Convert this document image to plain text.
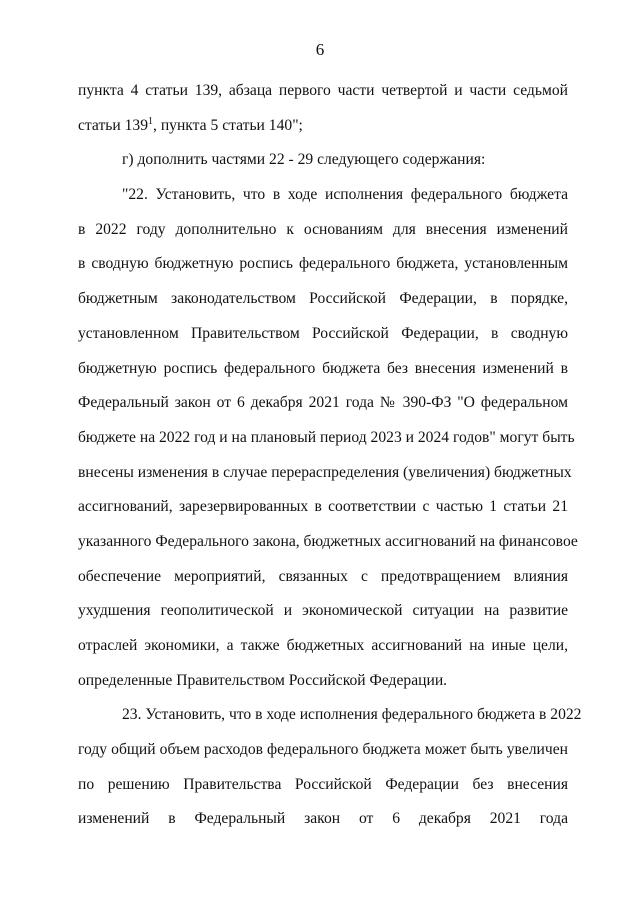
6
пункта 4 статьи 139, абзаца первого части четвертой и части седьмой
статьи $139^1$, пункта 5 статьи 140";
г) дополнить частями 22 - 29 следующего содержания:
"22. Установить, что в ходе исполнения федерального бюджета
в 2022 году дополнительно к основаниям для внесения изменений
в сводную бюджетную роспись федерального бюджета, установленным
бюджетным законодательством Российской Федерации, в порядке,
установленном Правительством Российской Федерации, в сводную
бюджетную роспись федерального бюджета без внесения изменений в
Федеральный закон от 6 декабря 2021 года № 390-ФЗ "О федеральном
бюджете на 2022 год и на плановый период 2023 и 2024 годов" могут быть
внесены изменения в случае перераспределения (увеличения) бюджетных
ассигнований, зарезервированных в соответствии с частью 1 статьи 21
указанного Федерального закона, бюджетных ассигнований на финансовое
обеспечение мероприятий, связанных с предотвращением влияния
ухудшения геополитической и экономической ситуации на развитие
отраслей экономики, а также бюджетных ассигнований на иные цели,
определенные Правительством Российской Федерации.
23. Установить, что в ходе исполнения федерального бюджета в 2022
году общий объем расходов федерального бюджета может быть увеличен
по решению Правительства Российской Федерации без внесения
изменений в Федеральный закон от 6 декабря 2021 года
